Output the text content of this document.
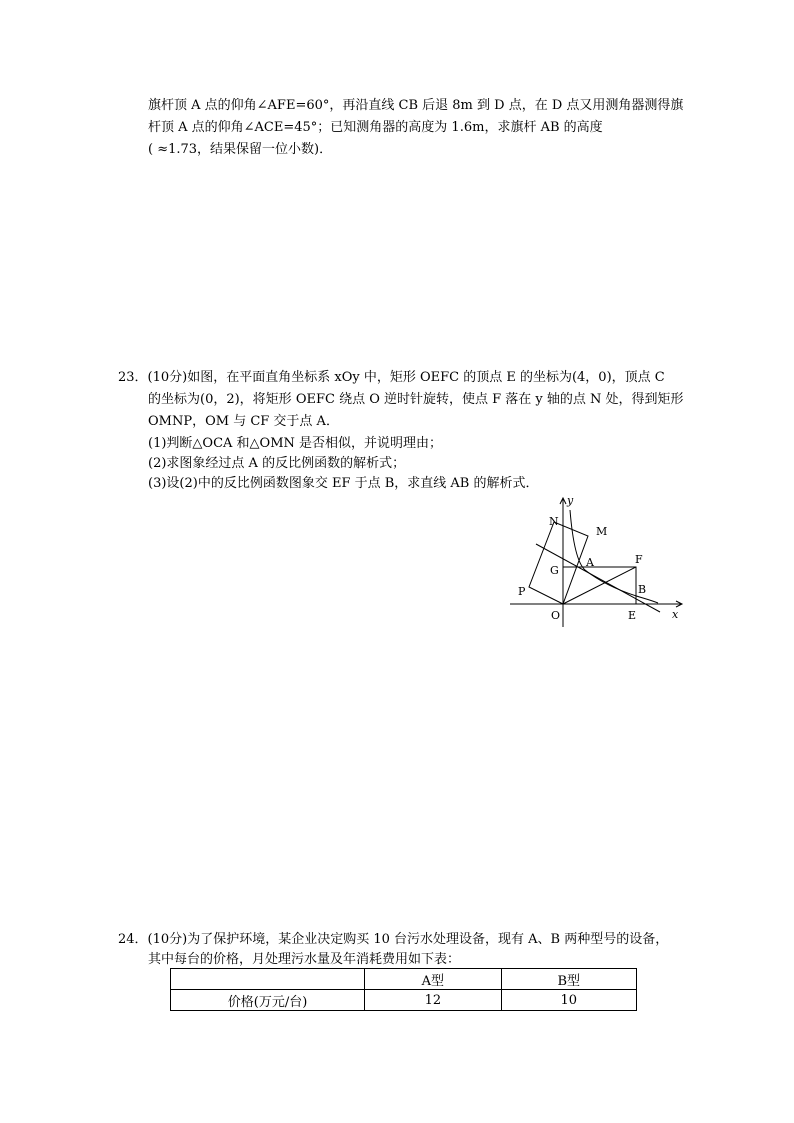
旗杆顶 A 点的仰角∠AFE=60°，再沿直线 CB 后退 8m 到 D 点，在 D 点又用测角器测得旗
杆顶 A 点的仰角∠ACE=45°；已知测角器的高度为 1.6m，求旗杆 AB 的高度
( ≈1.73，结果保留一位小数)．
23．(10分)如图，在平面直角坐标系 xOy 中，矩形 OEFC 的顶点 E 的坐标为(4，0)，顶点 C
的坐标为(0，2)，将矩形 OEFC 绕点 O 逆时针旋转，使点 F 落在 y 轴的点 N 处，得到矩形
OMNP，OM 与 CF 交于点 A．
(1)判断△OCA 和△OMN 是否相似，并说明理由；
(2)求图象经过点 A 的反比例函数的解析式；
(3)设(2)中的反比例函数图象交 EF 于点 B，求直线 AB 的解析式．
y
N
M
A	F
G
B
P
O	E	x
24．(10分)为了保护环境，某企业决定购买 10 台污水处理设备，现有 A、B 两种型号的设备，
其中每台的价格，月处理污水量及年消耗费用如下表：
	A型	B型
价格(万元/台)	12	10
